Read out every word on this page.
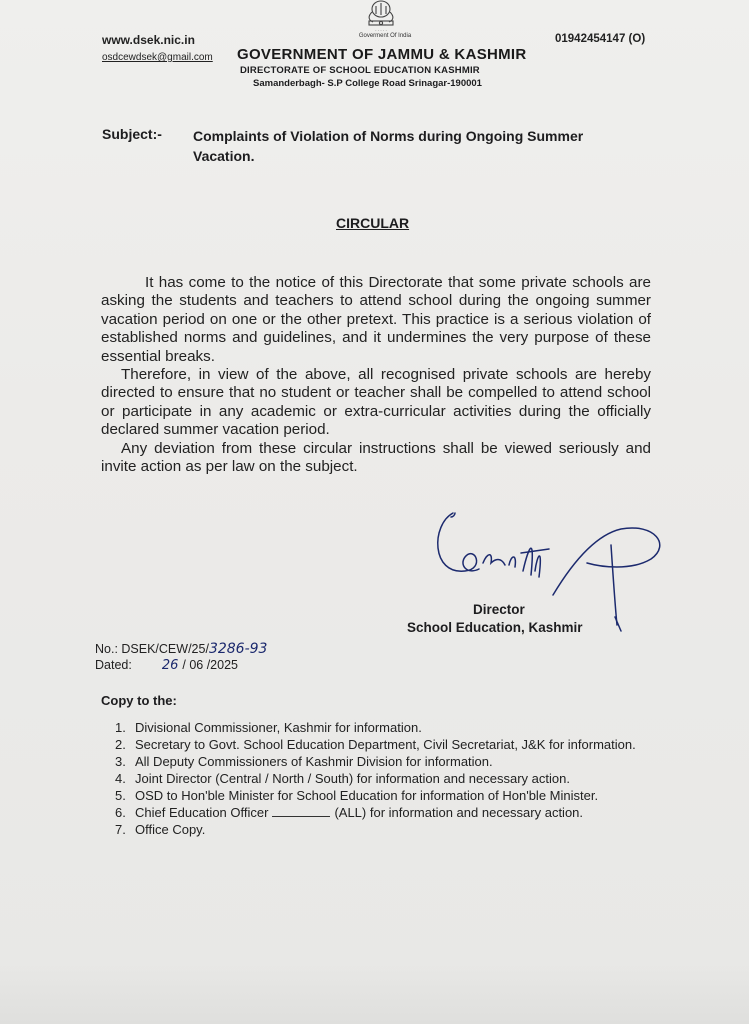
· · · · ·
Goverment Of India
www.dsek.nic.in
osdcewdsek@gmail.com
01942454147 (O)
GOVERNMENT OF JAMMU & KASHMIR
DIRECTORATE OF SCHOOL EDUCATION KASHMIR
Samanderbagh- S.P College Road Srinagar-190001
Subject:- Complaints of Violation of Norms during Ongoing Summer Vacation.
CIRCULAR

It has come to the notice of this Directorate that some private schools are asking the students and teachers to attend school during the ongoing summer vacation period on one or the other pretext. This practice is a serious violation of established norms and guidelines, and it undermines the very purpose of these essential breaks.

Therefore, in view of the above, all recognised private schools are hereby directed to ensure that no student or teacher shall be compelled to attend school or participate in any academic or extra-curricular activities during the officially declared summer vacation period.

Any deviation from these circular instructions shall be viewed seriously and invite action as per law on the subject.

Director
School Education, Kashmir
No.: DSEK/CEW/25/3286-93
Dated: 26 / 06 /2025
Copy to the:
1. Divisional Commissioner, Kashmir for information.
2. Secretary to Govt. School Education Department, Civil Secretariat, J&K for information.
3. All Deputy Commissioners of Kashmir Division for information.
4. Joint Director (Central / North / South) for information and necessary action.
5. OSD to Hon'ble Minister for School Education for information of Hon'ble Minister.
6. Chief Education Officer	(ALL) for information and necessary action.
7. Office Copy.
